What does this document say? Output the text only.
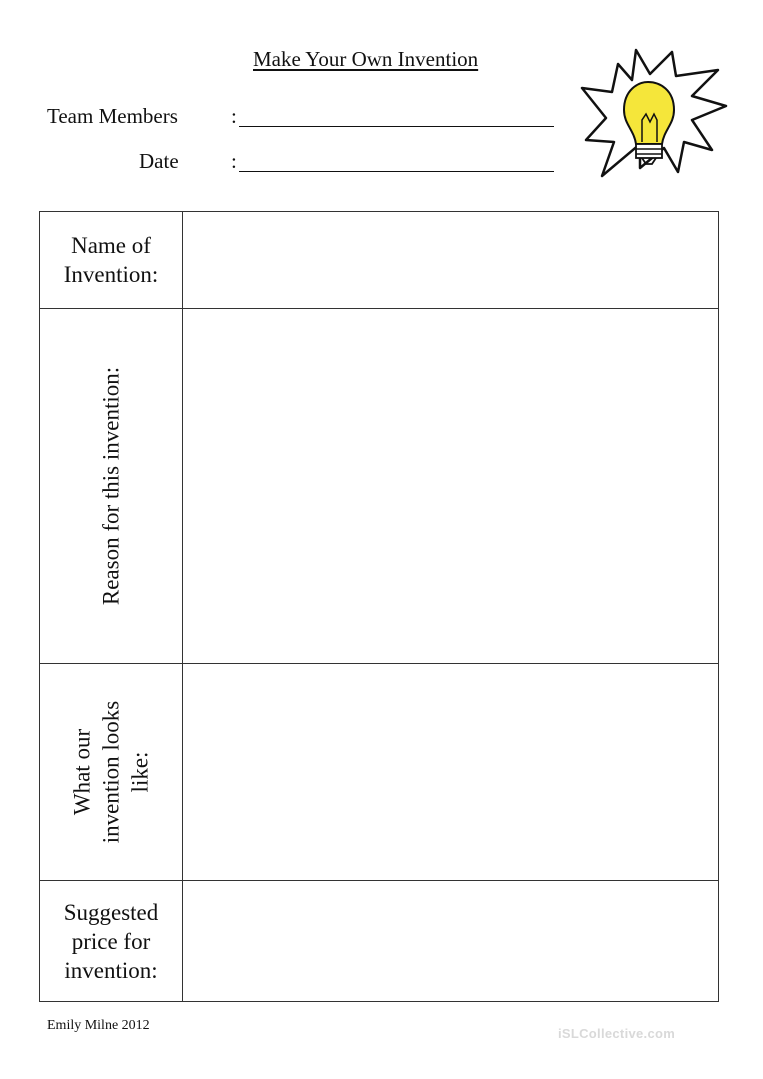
Make Your Own Invention
Team Members	:
Date :
Name of
Invention:
Reason for this invention:
What our invention looks like:
Suggested
price for
invention:
Emily Milne 2012
iSLCollective.com
